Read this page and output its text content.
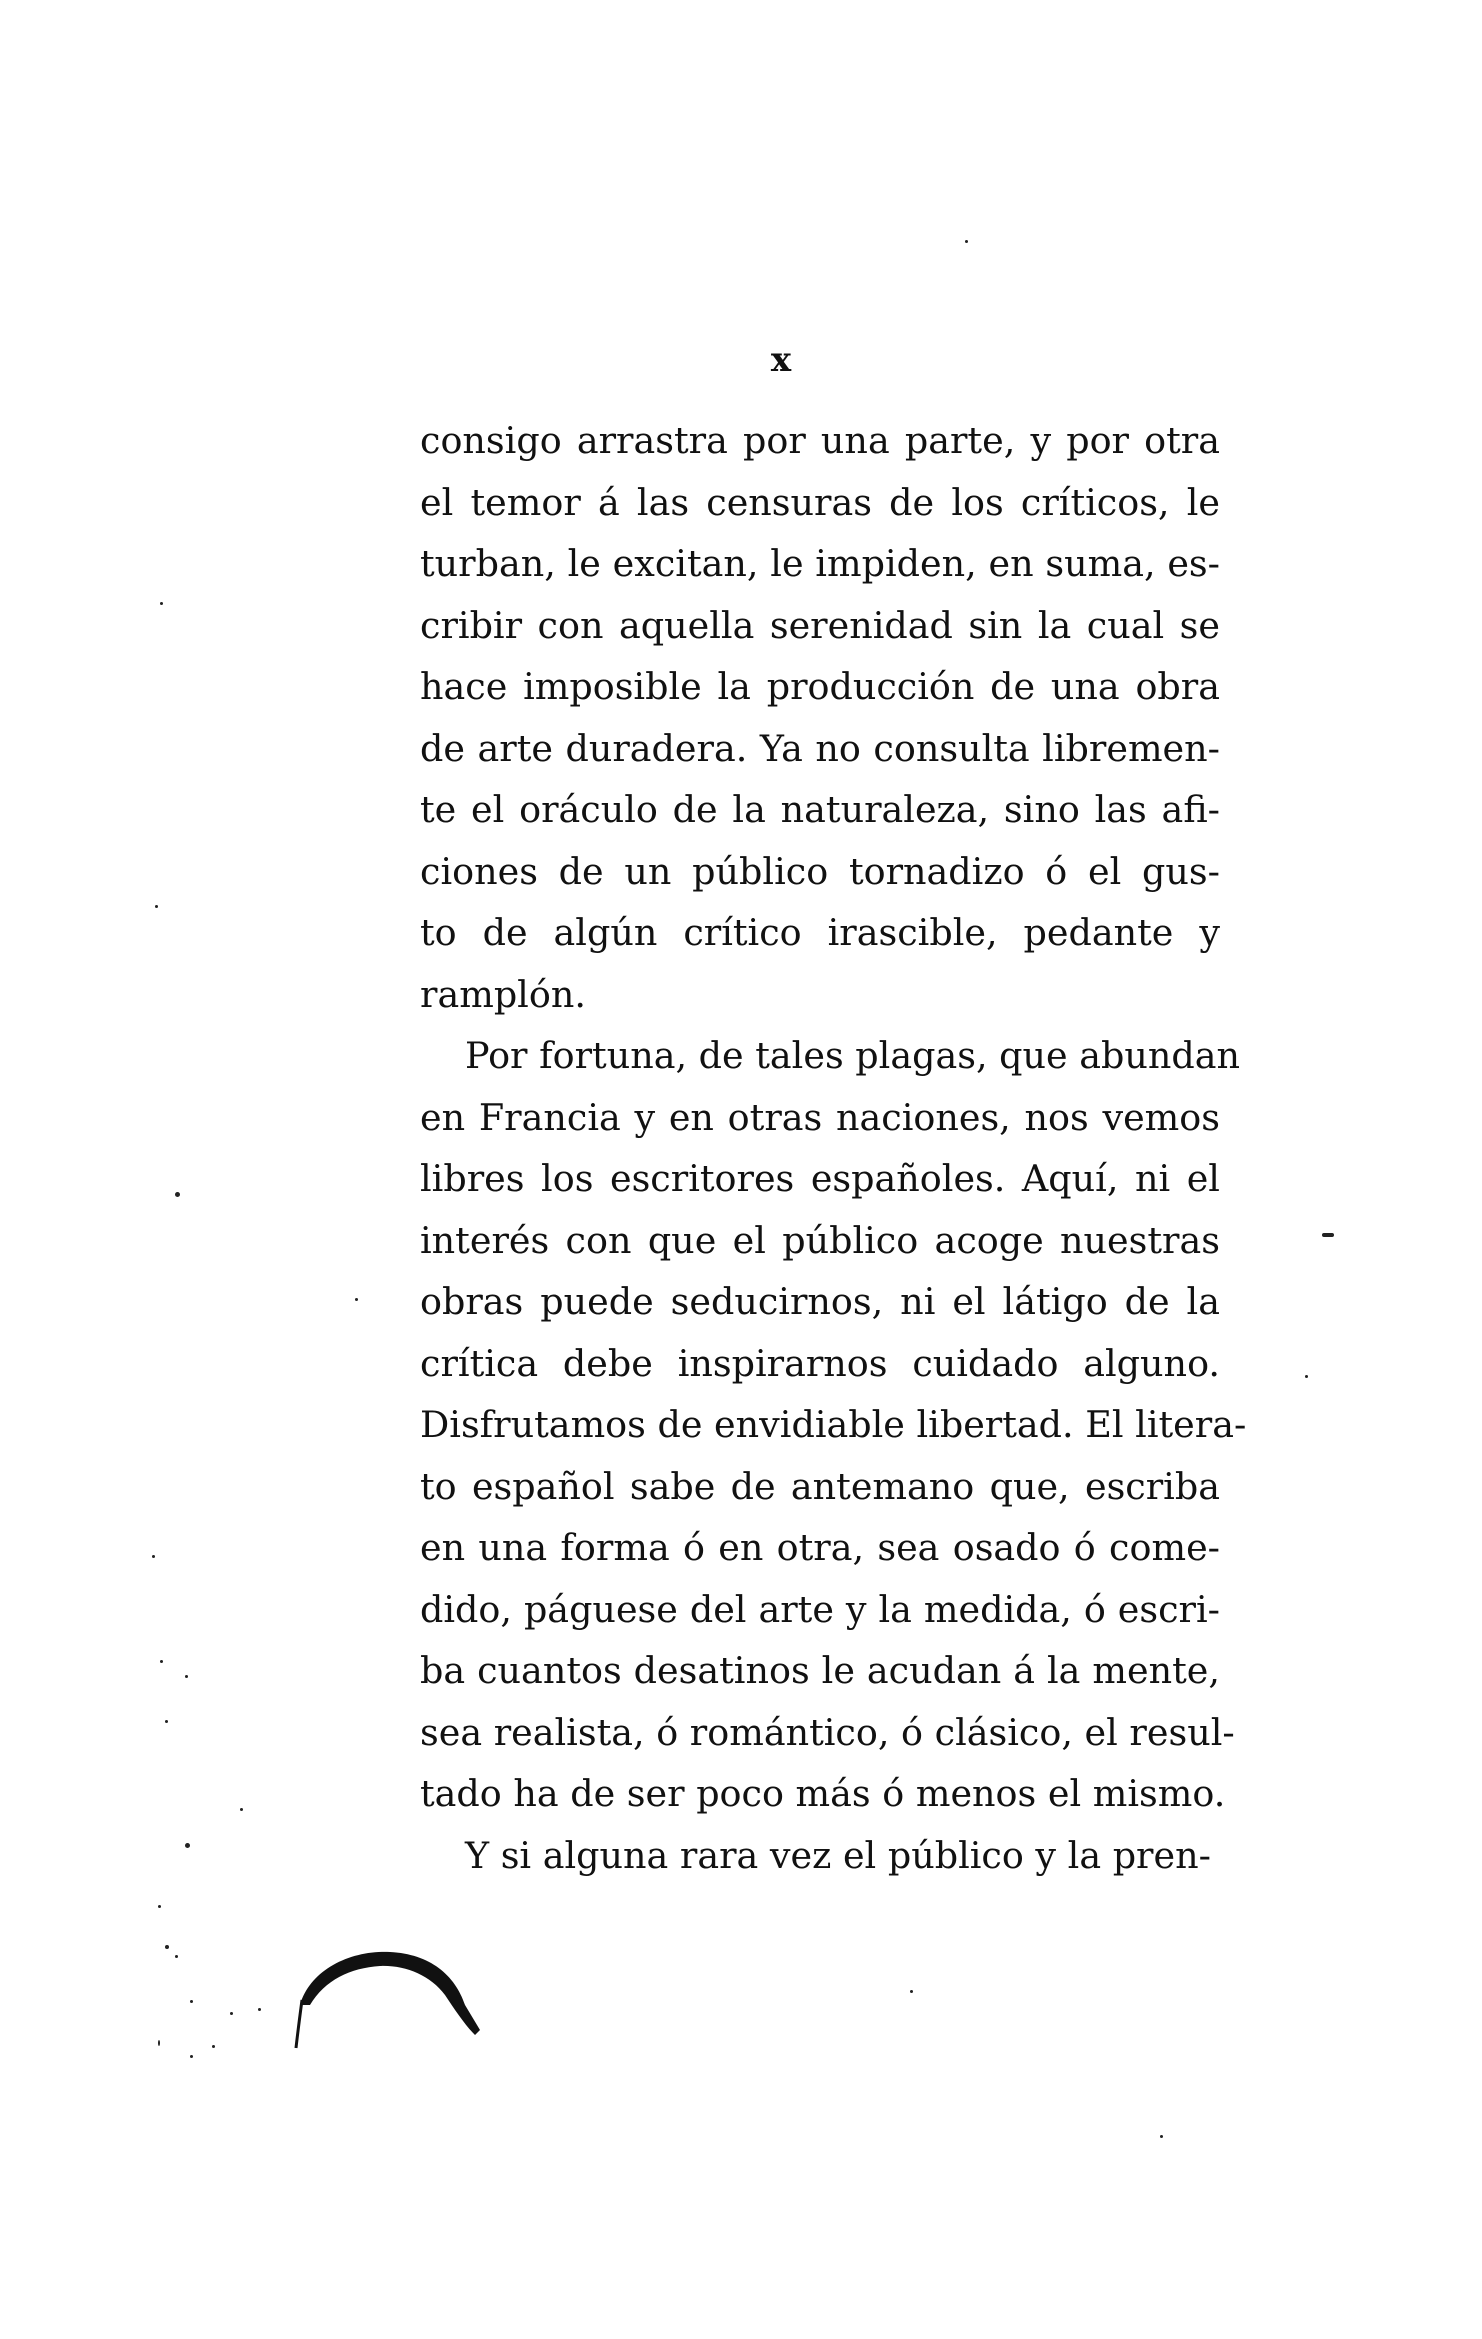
x
consigo arrastra por una parte, y por otra
el temor á las censuras de los críticos, le
turban, le excitan, le impiden, en suma, es-
cribir con aquella serenidad sin la cual se
hace imposible la producción de una obra
de arte duradera. Ya no consulta libremen-
te el oráculo de la naturaleza, sino las afi-
ciones de un público tornadizo ó el gus-
to de algún crítico irascible, pedante y
ramplón.
Por fortuna, de tales plagas, que abundan
en Francia y en otras naciones, nos vemos
libres los escritores españoles. Aquí, ni el
interés con que el público acoge nuestras
obras puede seducirnos, ni el látigo de la
crítica debe inspirarnos cuidado alguno.
Disfrutamos de envidiable libertad. El litera-
to español sabe de antemano que, escriba
en una forma ó en otra, sea osado ó come-
dido, páguese del arte y la medida, ó escri-
ba cuantos desatinos le acudan á la mente,
sea realista, ó romántico, ó clásico, el resul-
tado ha de ser poco más ó menos el mismo.
Y si alguna rara vez el público y la pren-
